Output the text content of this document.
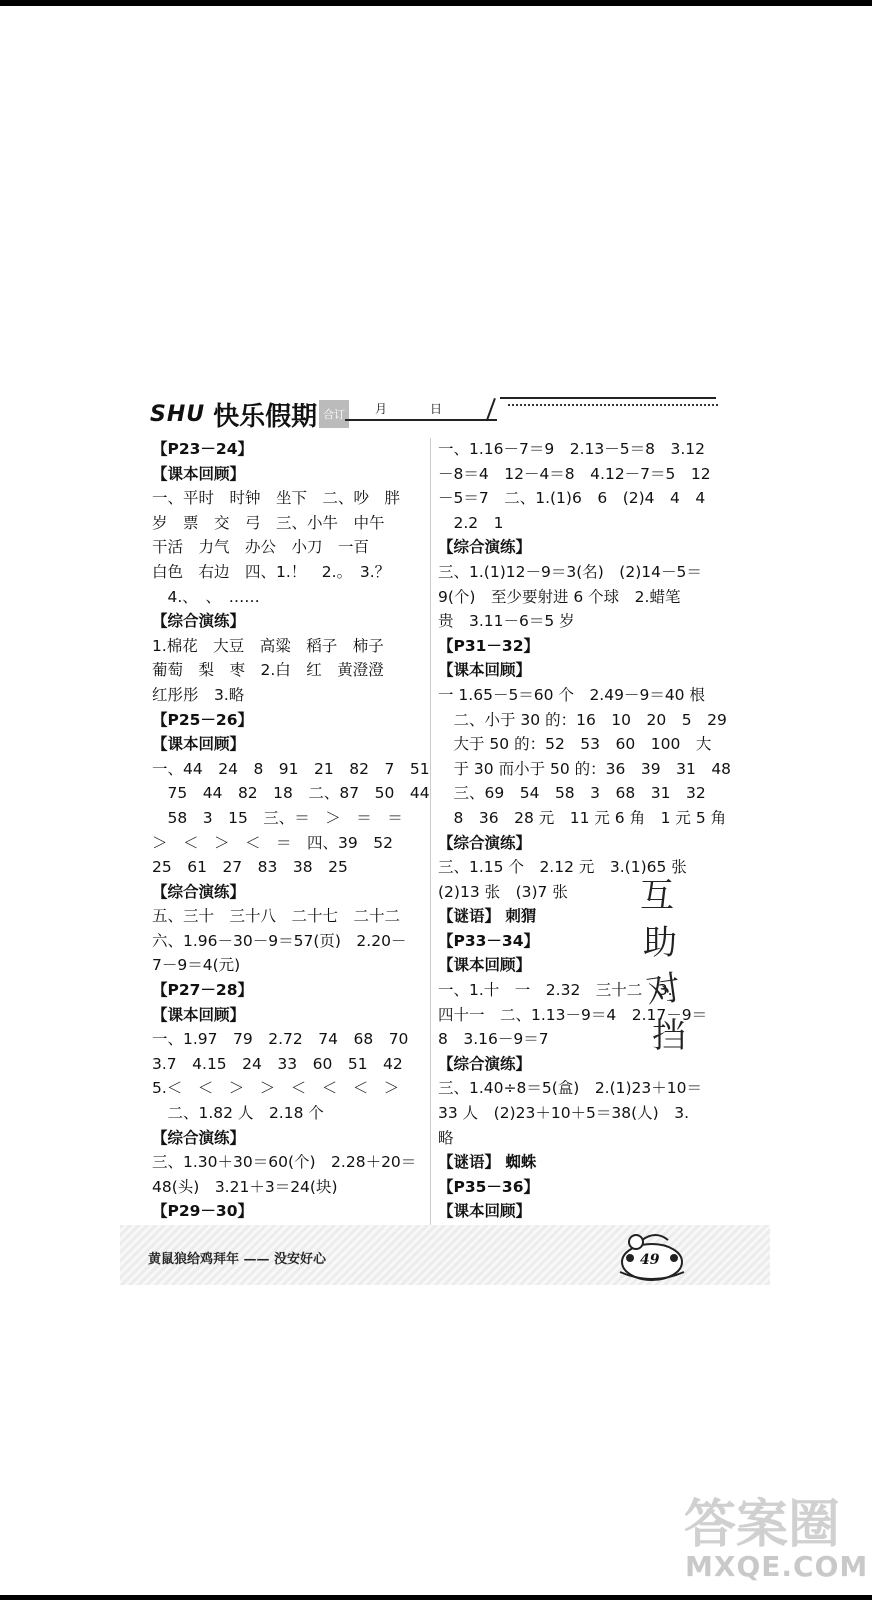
SHU 快乐假期 合订	月	日
【P23－24】
【课本回顾】
一、平时　时钟　坐下　二、吵　胖
岁　票　交　弓　三、小牛　中午
干活　力气　办公　小刀　一百
白色　右边　四、1.！　2.。　3.？
　4.、　、　……
【综合演练】
1.棉花　大豆　高粱　稻子　柿子
葡萄　梨　枣　2.白　红　黄澄澄
红彤彤　3.略
【P25－26】
【课本回顾】
一、44　24　8　91　21　82　7　51
　75　44　82　18　二、87　50　44
　58　3　15　三、＝　＞　＝　＝
＞　＜　＞　＜　＝　四、39　52
25　61　27　83　38　25
【综合演练】
五、三十　三十八　二十七　二十二
六、1.96－30－9＝57(页)　2.20－
7－9＝4(元)
【P27－28】
【课本回顾】
一、1.97　79　2.72　74　68　70
3.7　4.15　24　33　60　51　42
5.＜　＜　＞　＞　＜　＜　＜　＞
　二、1.82 人　2.18 个
【综合演练】
三、1.30＋30＝60(个)　2.28＋20＝
48(头)　3.21＋3＝24(块)
【P29－30】
一、1.16－7＝9　2.13－5＝8　3.12
－8＝4　12－4＝8　4.12－7＝5　12
－5＝7　二、1.(1)6　6　(2)4　4　4
　2.2　1
【综合演练】
三、1.(1)12－9＝3(名)　(2)14－5＝
9(个)　至少要射进 6 个球　2.蜡笔
贵　3.11－6＝5 岁
【P31－32】
【课本回顾】
一 1.65－5＝60 个　2.49－9＝40 根
　二、小于 30 的：16　10　20　5　29
　大于 50 的：52　53　60　100　大
　于 30 而小于 50 的：36　39　31　48
　三、69　54　58　3　68　31　32
　8　36　28 元　11 元 6 角　1 元 5 角
【综合演练】
三、1.15 个　2.12 元　3.(1)65 张
(2)13 张　(3)7 张
【谜语】 刺猬
【P33－34】
【课本回顾】
一、1.十　一　2.32　三十二　3.
四十一　二、1.13－9＝4　2.17－9＝
8　3.16－9＝7
【综合演练】
三、1.40÷8＝5(盒)　2.(1)23＋10＝
33 人　(2)23＋10＋5＝38(人)　3.
略
【谜语】 蜘蛛
【P35－36】
【课本回顾】
互
助
对
挡
黄鼠狼给鸡拜年 —— 没安好心	49
答案圈
MXQE.COM
